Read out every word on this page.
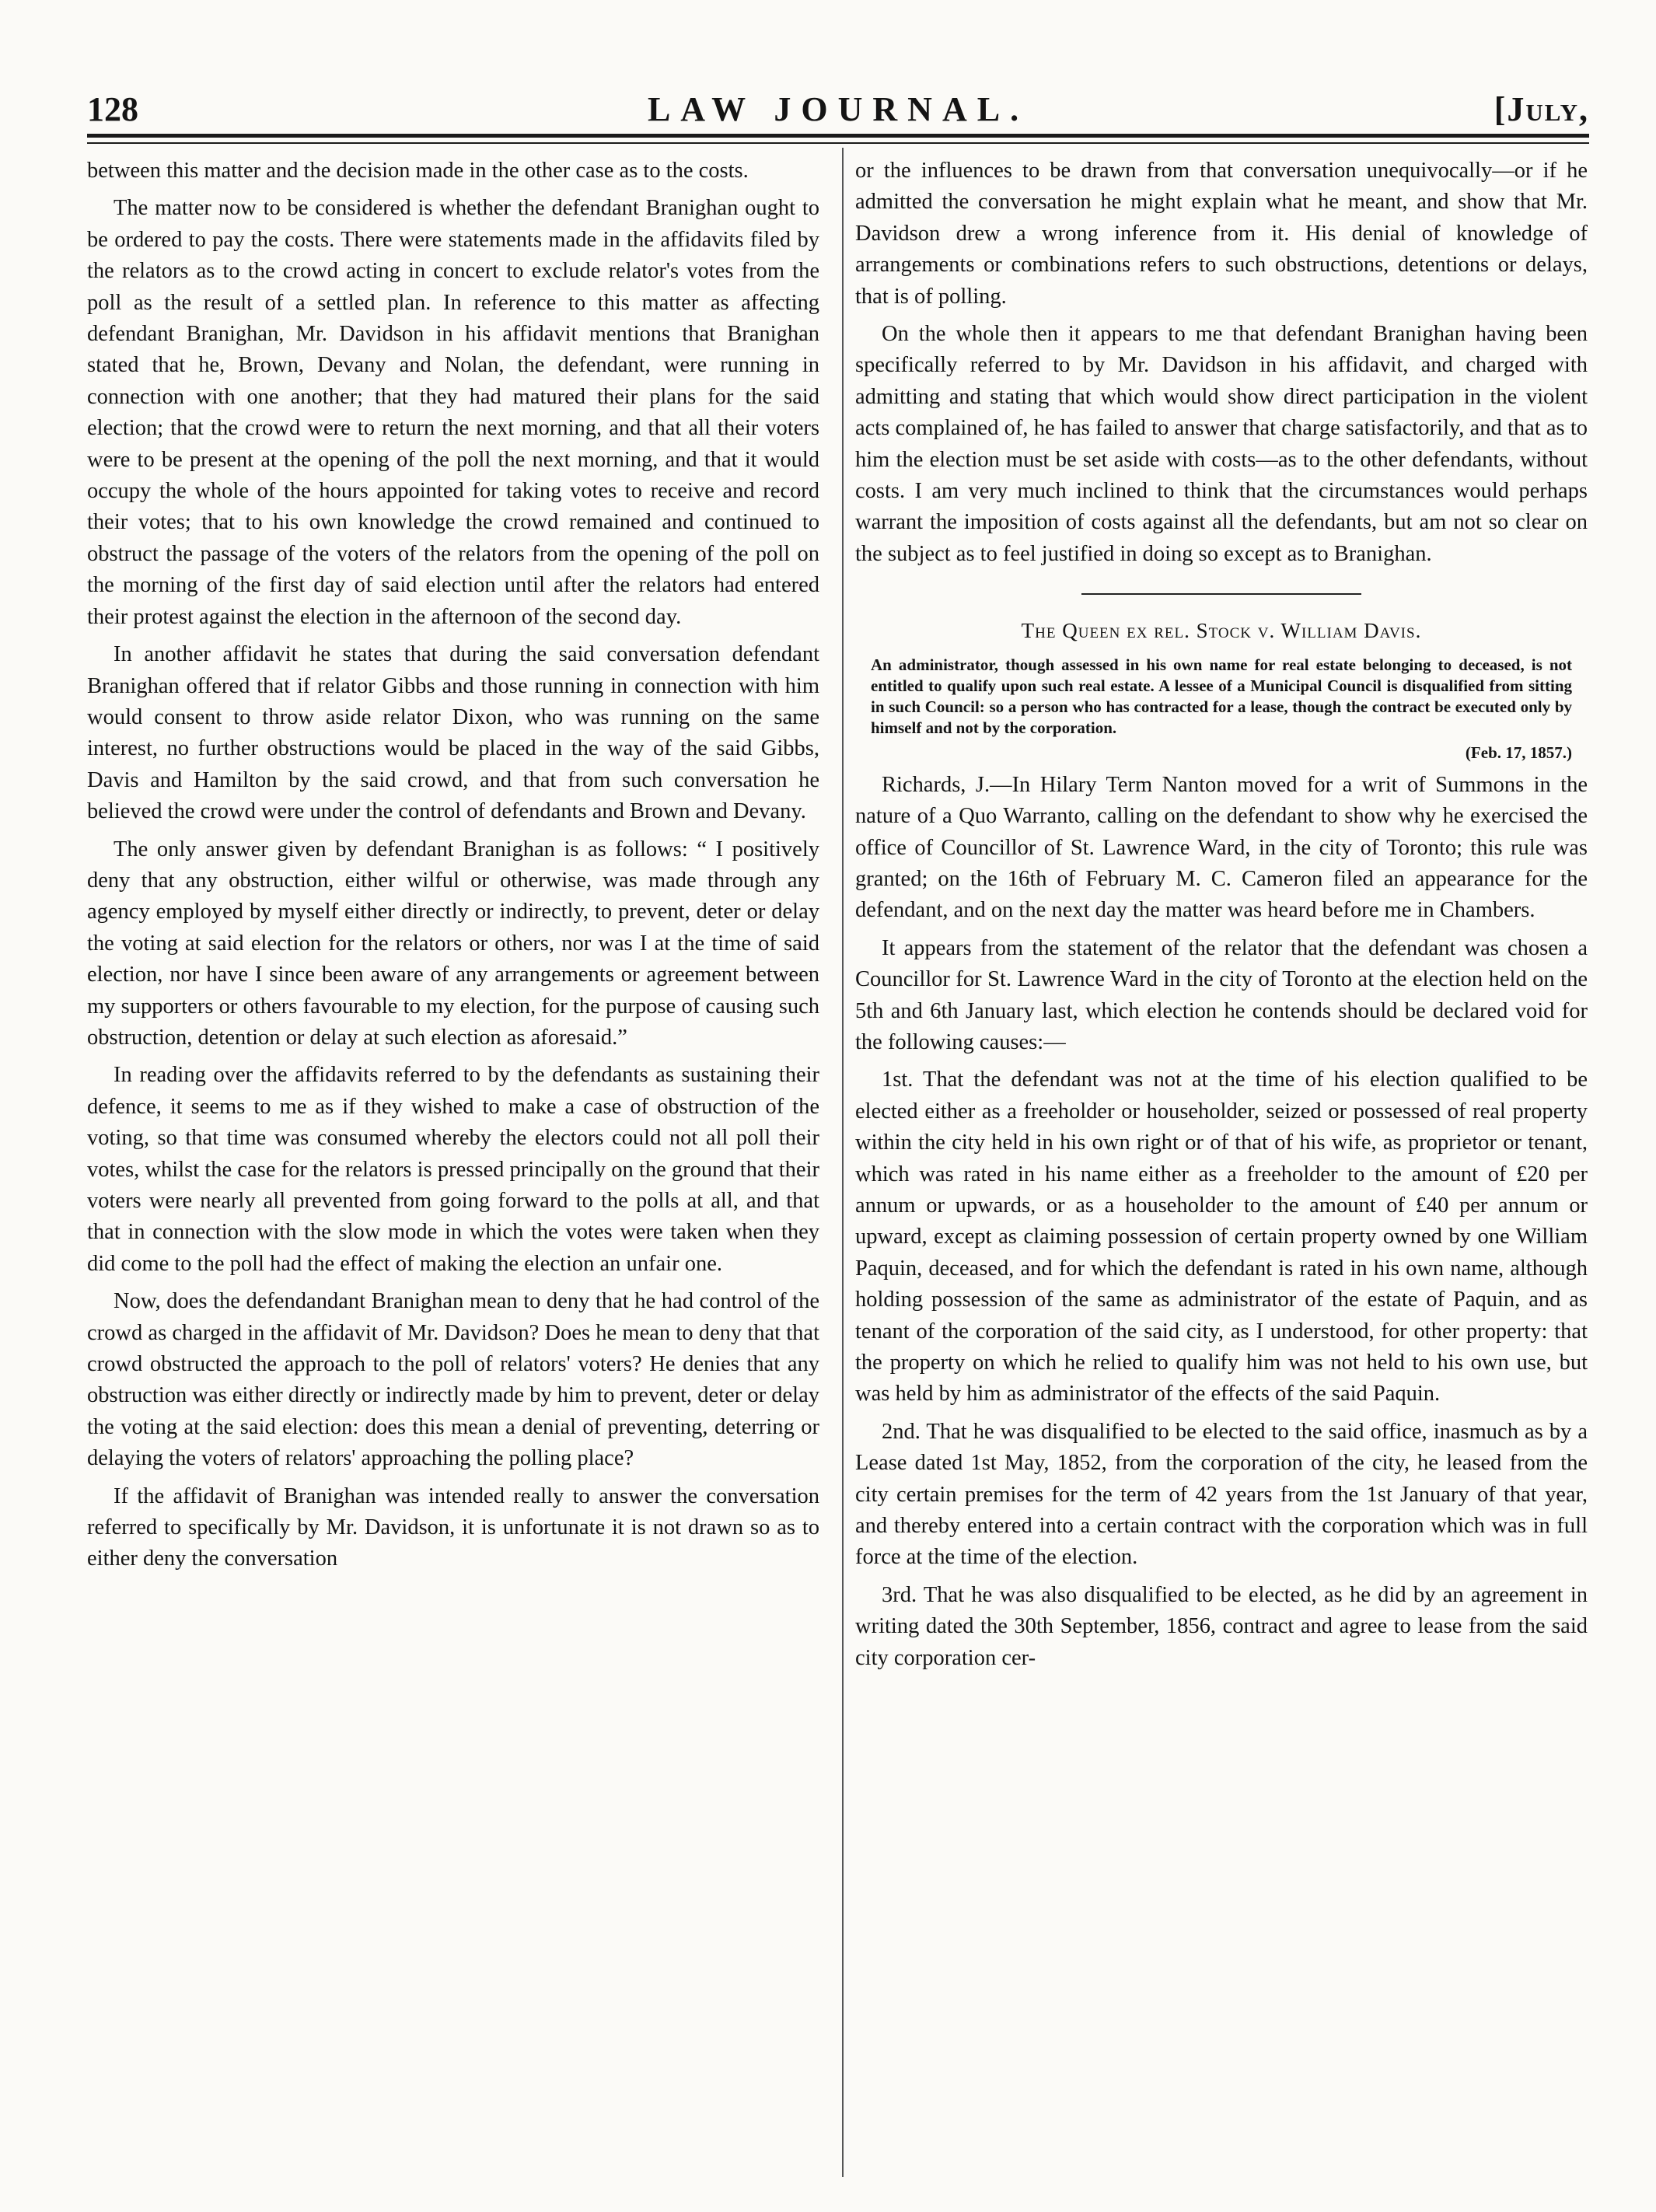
128	LAW JOURNAL.	[July,

between this matter and the decision made in the other case as to the costs.

The matter now to be considered is whether the defendant Branighan ought to be ordered to pay the costs. There were statements made in the affidavits filed by the relators as to the crowd acting in concert to exclude relator's votes from the poll as the result of a settled plan. In reference to this matter as affecting defendant Branighan, Mr. Davidson in his affidavit mentions that Branighan stated that he, Brown, Devany and Nolan, the defendant, were running in connection with one another; that they had matured their plans for the said election; that the crowd were to return the next morning, and that all their voters were to be present at the opening of the poll the next morning, and that it would occupy the whole of the hours appointed for taking votes to receive and record their votes; that to his own knowledge the crowd remained and continued to obstruct the passage of the voters of the relators from the opening of the poll on the morning of the first day of said election until after the relators had entered their protest against the election in the afternoon of the second day.

In another affidavit he states that during the said conversation defendant Branighan offered that if relator Gibbs and those running in connection with him would consent to throw aside relator Dixon, who was running on the same interest, no further obstructions would be placed in the way of the said Gibbs, Davis and Hamilton by the said crowd, and that from such conversation he believed the crowd were under the control of defendants and Brown and Devany.

The only answer given by defendant Branighan is as follows: “ I positively deny that any obstruction, either wilful or otherwise, was made through any agency employed by myself either directly or indirectly, to prevent, deter or delay the voting at said election for the relators or others, nor was I at the time of said election, nor have I since been aware of any arrangements or agreement between my supporters or others favourable to my election, for the purpose of causing such obstruction, detention or delay at such election as aforesaid.”

In reading over the affidavits referred to by the defendants as sustaining their defence, it seems to me as if they wished to make a case of obstruction of the voting, so that time was consumed whereby the electors could not all poll their votes, whilst the case for the relators is pressed principally on the ground that their voters were nearly all prevented from going forward to the polls at all, and that that in connection with the slow mode in which the votes were taken when they did come to the poll had the effect of making the election an unfair one.

Now, does the defendandant Branighan mean to deny that he had control of the crowd as charged in the affidavit of Mr. Davidson? Does he mean to deny that that crowd obstructed the approach to the poll of relators' voters? He denies that any obstruction was either directly or indirectly made by him to prevent, deter or delay the voting at the said election: does this mean a denial of preventing, deterring or delaying the voters of relators' approaching the polling place?

If the affidavit of Branighan was intended really to answer the conversation referred to specifically by Mr. Davidson, it is unfortunate it is not drawn so as to either deny the conversation

or the influences to be drawn from that conversation unequivocally—or if he admitted the conversation he might explain what he meant, and show that Mr. Davidson drew a wrong inference from it. His denial of knowledge of arrangements or combinations refers to such obstructions, detentions or delays, that is of polling.

On the whole then it appears to me that defendant Branighan having been specifically referred to by Mr. Davidson in his affidavit, and charged with admitting and stating that which would show direct participation in the violent acts complained of, he has failed to answer that charge satisfactorily, and that as to him the election must be set aside with costs—as to the other defendants, without costs. I am very much inclined to think that the circumstances would perhaps warrant the imposition of costs against all the defendants, but am not so clear on the subject as to feel justified in doing so except as to Branighan.

The Queen ex rel. Stock v. William Davis.

An administrator, though assessed in his own name for real estate belonging to deceased, is not entitled to qualify upon such real estate. A lessee of a Municipal Council is disqualified from sitting in such Council: so a person who has contracted for a lease, though the contract be executed only by himself and not by the corporation.

(Feb. 17, 1857.)

Richards, J.—In Hilary Term Nanton moved for a writ of Summons in the nature of a Quo Warranto, calling on the defendant to show why he exercised the office of Councillor of St. Lawrence Ward, in the city of Toronto; this rule was granted; on the 16th of February M. C. Cameron filed an appearance for the defendant, and on the next day the matter was heard before me in Chambers.

It appears from the statement of the relator that the defendant was chosen a Councillor for St. Lawrence Ward in the city of Toronto at the election held on the 5th and 6th January last, which election he contends should be declared void for the following causes:—

1st. That the defendant was not at the time of his election qualified to be elected either as a freeholder or householder, seized or possessed of real property within the city held in his own right or of that of his wife, as proprietor or tenant, which was rated in his name either as a freeholder to the amount of £20 per annum or upwards, or as a householder to the amount of £40 per annum or upward, except as claiming possession of certain property owned by one William Paquin, deceased, and for which the defendant is rated in his own name, although holding possession of the same as administrator of the estate of Paquin, and as tenant of the corporation of the said city, as I understood, for other property: that the property on which he relied to qualify him was not held to his own use, but was held by him as administrator of the effects of the said Paquin.

2nd. That he was disqualified to be elected to the said office, inasmuch as by a Lease dated 1st May, 1852, from the corporation of the city, he leased from the city certain premises for the term of 42 years from the 1st January of that year, and thereby entered into a certain contract with the corporation which was in full force at the time of the election.

3rd. That he was also disqualified to be elected, as he did by an agreement in writing dated the 30th September, 1856, contract and agree to lease from the said city corporation cer-
